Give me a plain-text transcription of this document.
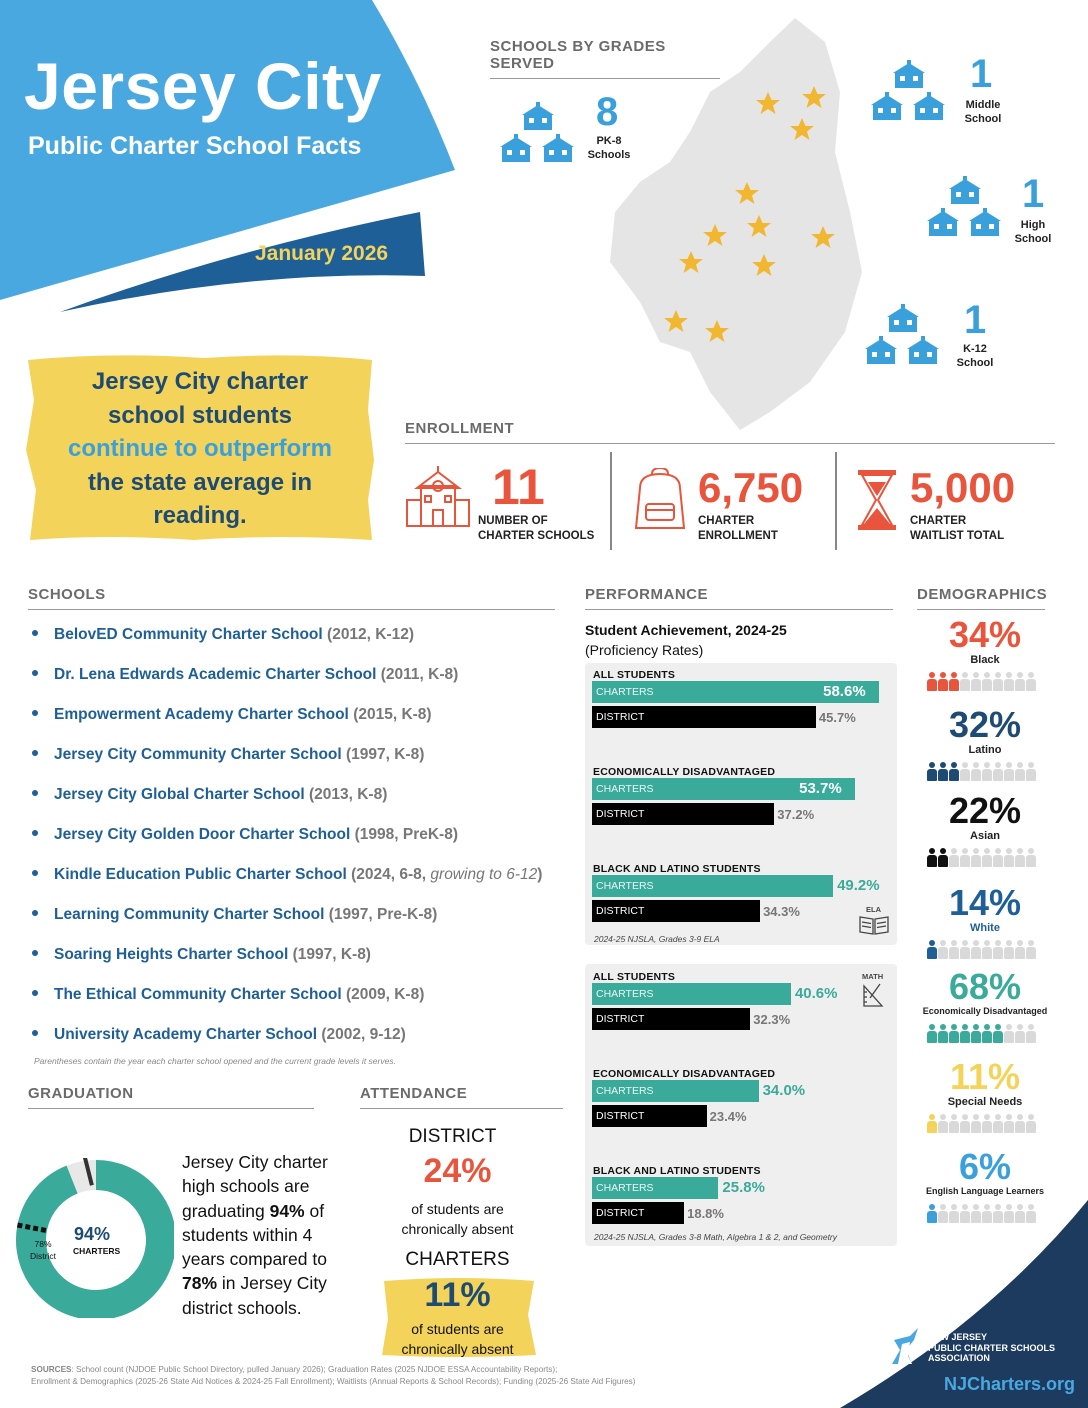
Jersey City
Public Charter School Facts
January 2026
Jersey City charter
school students
continue to outperform
the state average in
reading.
SCHOOLS BY GRADES SERVED
8
PK-8
Schools
1
Middle
School
1
High
School
1
K-12
School
ENROLLMENT
11
NUMBER OF
CHARTER SCHOOLS
6,750
CHARTER
ENROLLMENT
5,000
CHARTER
WAITLIST TOTAL
SCHOOLS
BelovED Community Charter School (2012, K-12)
Dr. Lena Edwards Academic Charter School (2011, K-8)
Empowerment Academy Charter School (2015, K-8)
Jersey City Community Charter School (1997, K-8)
Jersey City Global Charter School (2013, K-8)
Jersey City Golden Door Charter School (1998, PreK-8)
Kindle Education Public Charter School (2024, 6-8, growing to 6-12)
Learning Community Charter School (1997, Pre-K-8)
Soaring Heights Charter School (1997, K-8)
The Ethical Community Charter School (2009, K-8)
University Academy Charter School (2002, 9-12)
Parentheses contain the year each charter school opened and the current grade levels it serves.
GRADUATION
94%
CHARTERS
78%
District
Jersey City charter high schools are graduating 94% of students within 4 years compared to 78% in Jersey City district schools.
ATTENDANCE
DISTRICT
24%
of students are
chronically absent
CHARTERS
11%
of students are
chronically absent
PERFORMANCE
Student Achievement, 2024-25
(Proficiency Rates)
ALL STUDENTS
CHARTERS	58.6%
DISTRICT	45.7%
ECONOMICALLY DISADVANTAGED
CHARTERS	53.7%
DISTRICT	37.2%
BLACK AND LATINO STUDENTS
CHARTERS	49.2%
DISTRICT	34.3%
ALL STUDENTS
CHARTERS	40.6%
DISTRICT	32.3%
ECONOMICALLY DISADVANTAGED
CHARTERS	34.0%
DISTRICT	23.4%
BLACK AND LATINO STUDENTS
CHARTERS	25.8%
DISTRICT	18.8%
ELA
2024-25 NJSLA, Grades 3-9 ELA
MATH
2024-25 NJSLA, Grades 3-8 Math, Algebra 1 & 2, and Geometry
DEMOGRAPHICS
34%
Black
32%
Latino
22%
Asian
14%
White
68%
Economically Disadvantaged
11%
Special Needs
6%
English Language Learners
SOURCES: School count (NJDOE Public School Directory, pulled January 2026); Graduation Rates (2025 NJDOE ESSA Accountability Reports);
Enrollment & Demographics (2025-26 State Aid Notices & 2024-25 Fall Enrollment); Waitlists (Annual Reports & School Records); Funding (2025-26 State Aid Figures)
NEW JERSEY
PUBLIC CHARTER SCHOOLS
ASSOCIATION
NJCharters.org
